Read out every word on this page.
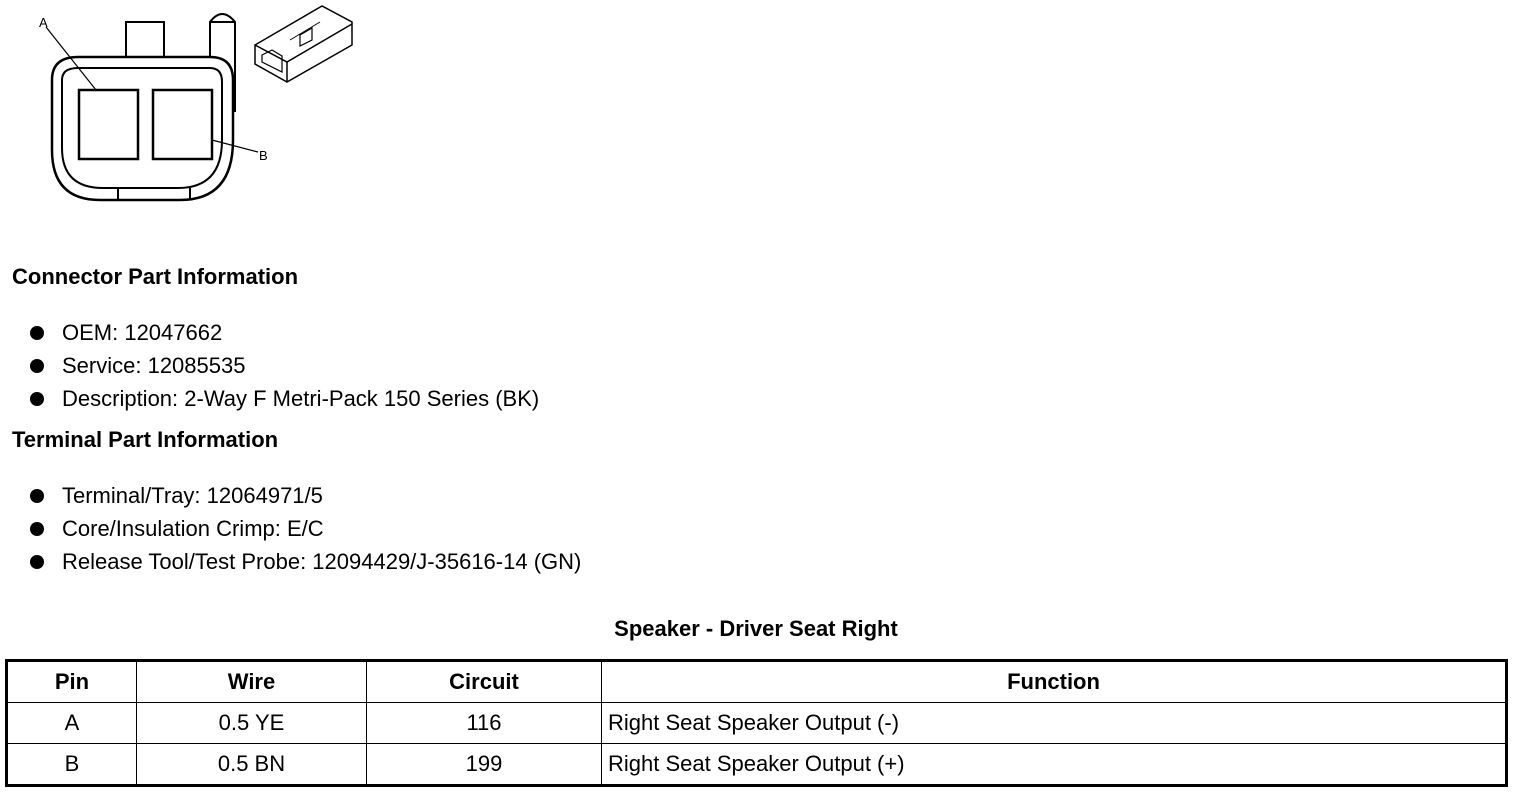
A
B
Connector Part Information
OEM: 12047662
Service: 12085535
Description: 2-Way F Metri-Pack 150 Series (BK)
Terminal Part Information
Terminal/Tray: 12064971/5
Core/Insulation Crimp: E/C
Release Tool/Test Probe: 12094429/J-35616-14 (GN)
Speaker - Driver Seat Right
Pin	Wire	Circuit	Function
A	0.5 YE	116	Right Seat Speaker Output (-)
B	0.5 BN	199	Right Seat Speaker Output (+)
